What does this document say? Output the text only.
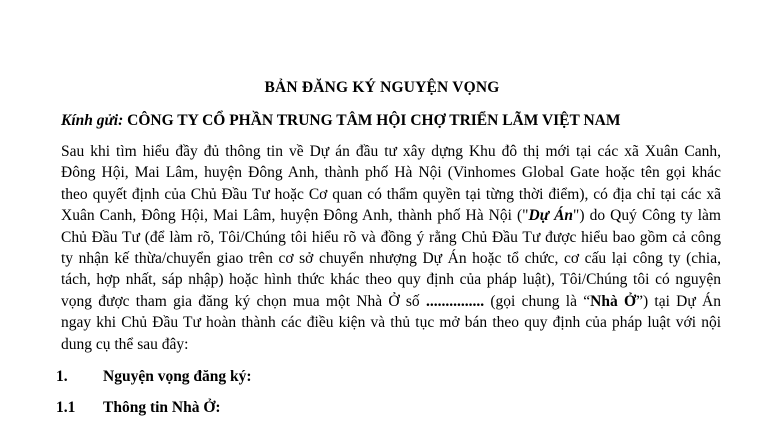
BẢN ĐĂNG KÝ NGUYỆN VỌNG
Kính gửi: CÔNG TY CỔ PHẦN TRUNG TÂM HỘI CHỢ TRIỂN LÃM VIỆT NAM
Sau khi tìm hiểu đầy đủ thông tin về Dự án đầu tư xây dựng Khu đô thị mới tại các xã Xuân Canh,
Đông Hội, Mai Lâm, huyện Đông Anh, thành phố Hà Nội (Vinhomes Global Gate hoặc tên gọi khác
theo quyết định của Chủ Đầu Tư hoặc Cơ quan có thẩm quyền tại từng thời điểm), có địa chỉ tại các xã
Xuân Canh, Đông Hội, Mai Lâm, huyện Đông Anh, thành phố Hà Nội ("Dự Án") do Quý Công ty làm
Chủ Đầu Tư (để làm rõ, Tôi/Chúng tôi hiểu rõ và đồng ý rằng Chủ Đầu Tư được hiểu bao gồm cả công
ty nhận kế thừa/chuyển giao trên cơ sở chuyển nhượng Dự Án hoặc tổ chức, cơ cấu lại công ty (chia,
tách, hợp nhất, sáp nhập) hoặc hình thức khác theo quy định của pháp luật), Tôi/Chúng tôi có nguyện
vọng được tham gia đăng ký chọn mua một Nhà Ở số ............... (gọi chung là “Nhà Ở”) tại Dự Án
ngay khi Chủ Đầu Tư hoàn thành các điều kiện và thủ tục mở bán theo quy định của pháp luật với nội
dung cụ thể sau đây:
1. Nguyện vọng đăng ký:
1.1 Thông tin Nhà Ở:
